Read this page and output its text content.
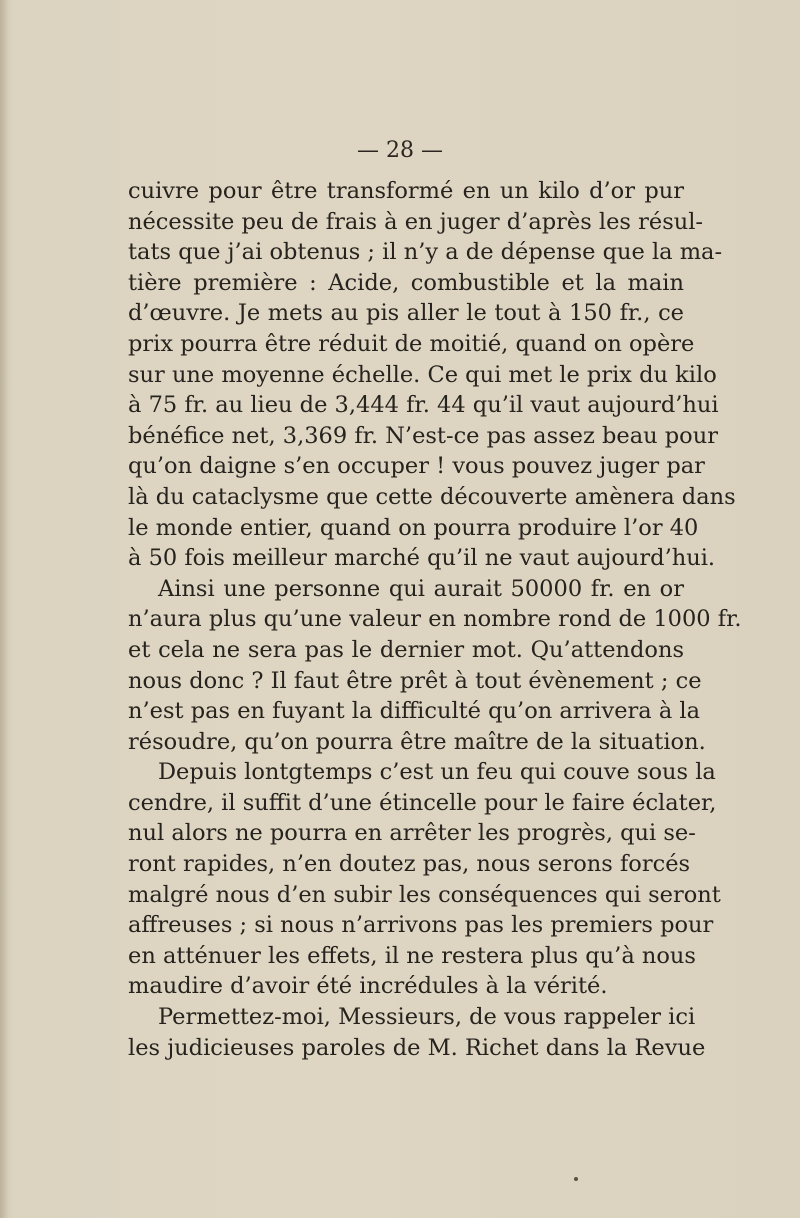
— 28 —
cuivre pour être transformé en un kilo d’or pur
nécessite peu de frais à en juger d’après les résul-
tats que j’ai obtenus ; il n’y a de dépense que la ma-
tière première : Acide, combustible et la main
d’œuvre. Je mets au pis aller le tout à 150 fr., ce
prix pourra être réduit de moitié, quand on opère
sur une moyenne échelle. Ce qui met le prix du kilo
à 75 fr. au lieu de 3,444 fr. 44 qu’il vaut aujourd’hui
bénéfice net, 3,369 fr. N’est-ce pas assez beau pour
qu’on daigne s’en occuper ! vous pouvez juger par
là du cataclysme que cette découverte amènera dans
le monde entier, quand on pourra produire l’or 40
à 50 fois meilleur marché qu’il ne vaut aujourd’hui.
Ainsi une personne qui aurait 50000 fr. en or
n’aura plus qu’une valeur en nombre rond de 1000 fr.
et cela ne sera pas le dernier mot. Qu’attendons
nous donc ? Il faut être prêt à tout évènement ; ce
n’est pas en fuyant la difficulté qu’on arrivera à la
résoudre, qu’on pourra être maître de la situation.
Depuis lontgtemps c’est un feu qui couve sous la
cendre, il suffit d’une étincelle pour le faire éclater,
nul alors ne pourra en arrêter les progrès, qui se-
ront rapides, n’en doutez pas, nous serons forcés
malgré nous d’en subir les conséquences qui seront
affreuses ; si nous n’arrivons pas les premiers pour
en atténuer les effets, il ne restera plus qu’à nous
maudire d’avoir été incrédules à la vérité.
Permettez-moi, Messieurs, de vous rappeler ici
les judicieuses paroles de M. Richet dans la Revue
